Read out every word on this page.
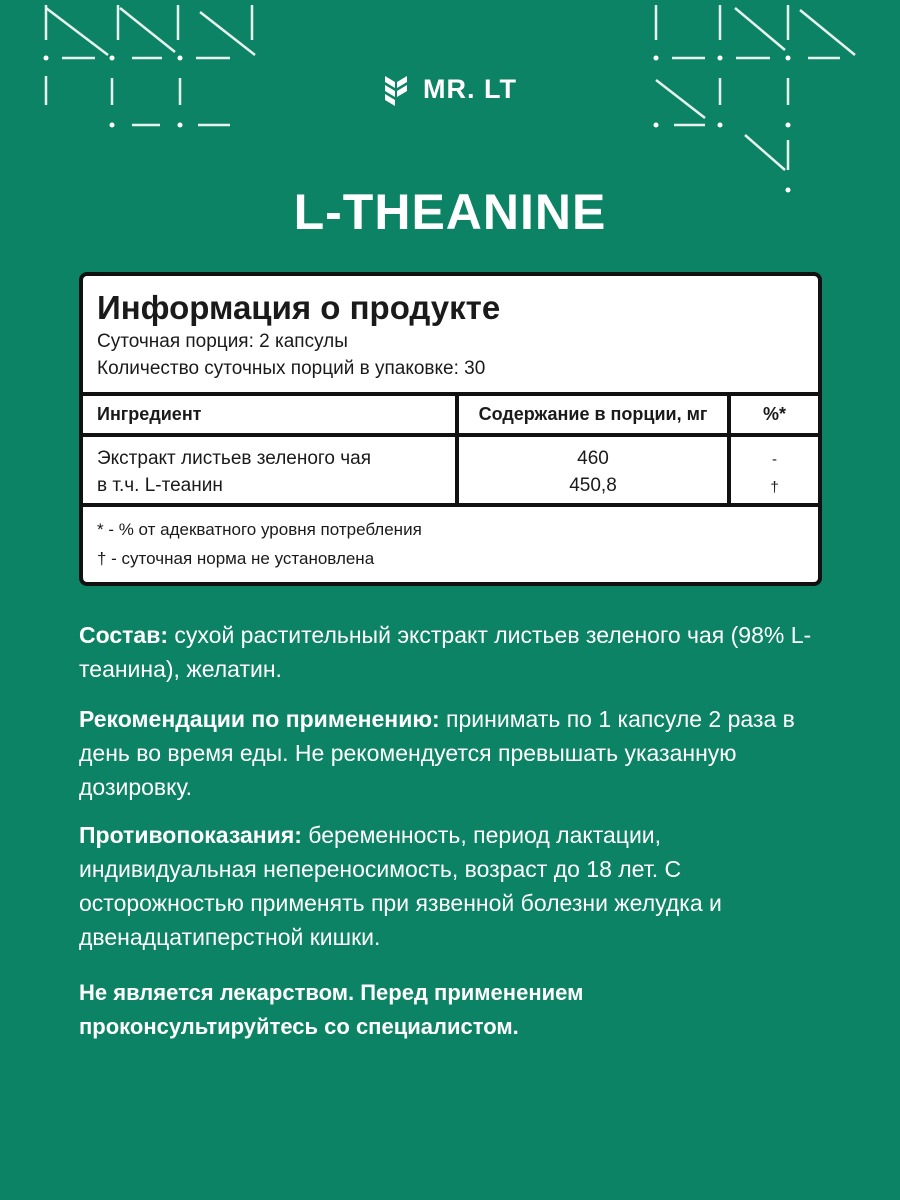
MR. LT
L-THEANINE
Информация о продукте
Суточная порция: 2 капсулы
Количество суточных порций в упаковке: 30
Ингредиент	Содержание в порции, мг	%*
Экстракт листьев зеленого чая
в т.ч. L-теанин
460
450,8
-
†
* - % от адекватного уровня потребления
† - суточная норма не установлена

Состав: сухой растительный экстракт листьев зеленого чая (98% L-теанина), желатин.

Рекомендации по применению: принимать по 1 капсуле 2 раза в день во время еды. Не рекомендуется превышать указанную дозировку.

Противопоказания: беременность, период лактации, индивидуальная непереносимость, возраст до 18 лет. С осторожностью применять при язвенной болезни желудка и двенадцатиперстной кишки.

Не является лекарством. Перед применением
проконсультируйтесь со специалистом.
